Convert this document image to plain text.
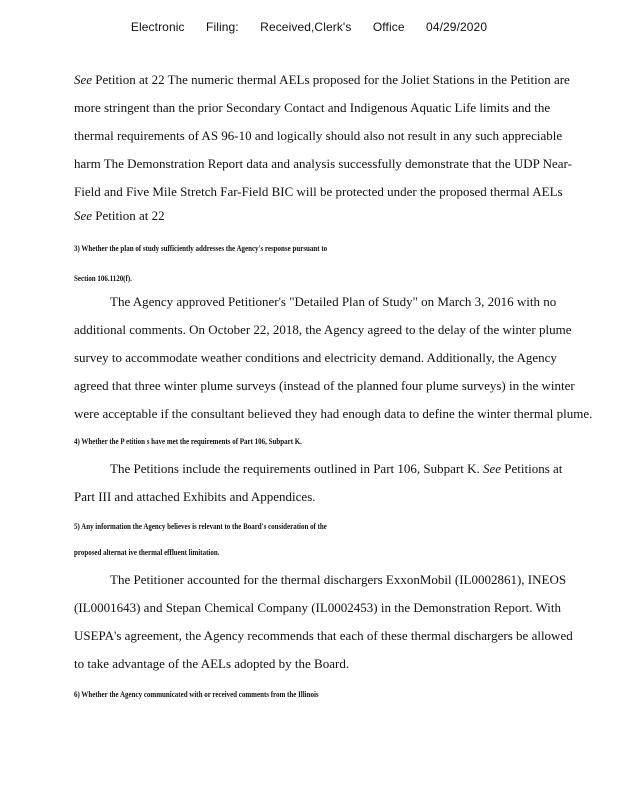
Electronic Filing: Received,Clerk's Office 04/29/2020
See Petition at 22 The numeric thermal AELs proposed for the Joliet Stations in the Petition are
more stringent than the prior Secondary Contact and Indigenous Aquatic Life limits and the
thermal requirements of AS 96-10 and logically should also not result in any such appreciable
harm The Demonstration Report data and analysis successfully demonstrate that the UDP Near-
Field and Five Mile Stretch Far-Field BIC will be protected under the proposed thermal AELs
See Petition at 22
3) Whether the plan of study sufficiently addresses the Agency's response pursuant to
Section 106.1120(f).
The Agency approved Petitioner's "Detailed Plan of Study" on March 3, 2016 with no
additional comments. On October 22, 2018, the Agency agreed to the delay of the winter plume
survey to accommodate weather conditions and electricity demand. Additionally, the Agency
agreed that three winter plume surveys (instead of the planned four plume surveys) in the winter
were acceptable if the consultant believed they had enough data to define the winter thermal plume.
4) Whether the P etition s have met the requirements of Part 106, Subpart K.
The Petitions include the requirements outlined in Part 106, Subpart K. See Petitions at
Part III and attached Exhibits and Appendices.
5) Any information the Agency believes is relevant to the Board's consideration of the
proposed alternat ive thermal effluent limitation.
The Petitioner accounted for the thermal dischargers ExxonMobil (IL0002861), INEOS
(IL0001643) and Stepan Chemical Company (IL0002453) in the Demonstration Report. With
USEPA's agreement, the Agency recommends that each of these thermal dischargers be allowed
to take advantage of the AELs adopted by the Board.
6) Whether the Agency communicated with or received comments from the Illinois
